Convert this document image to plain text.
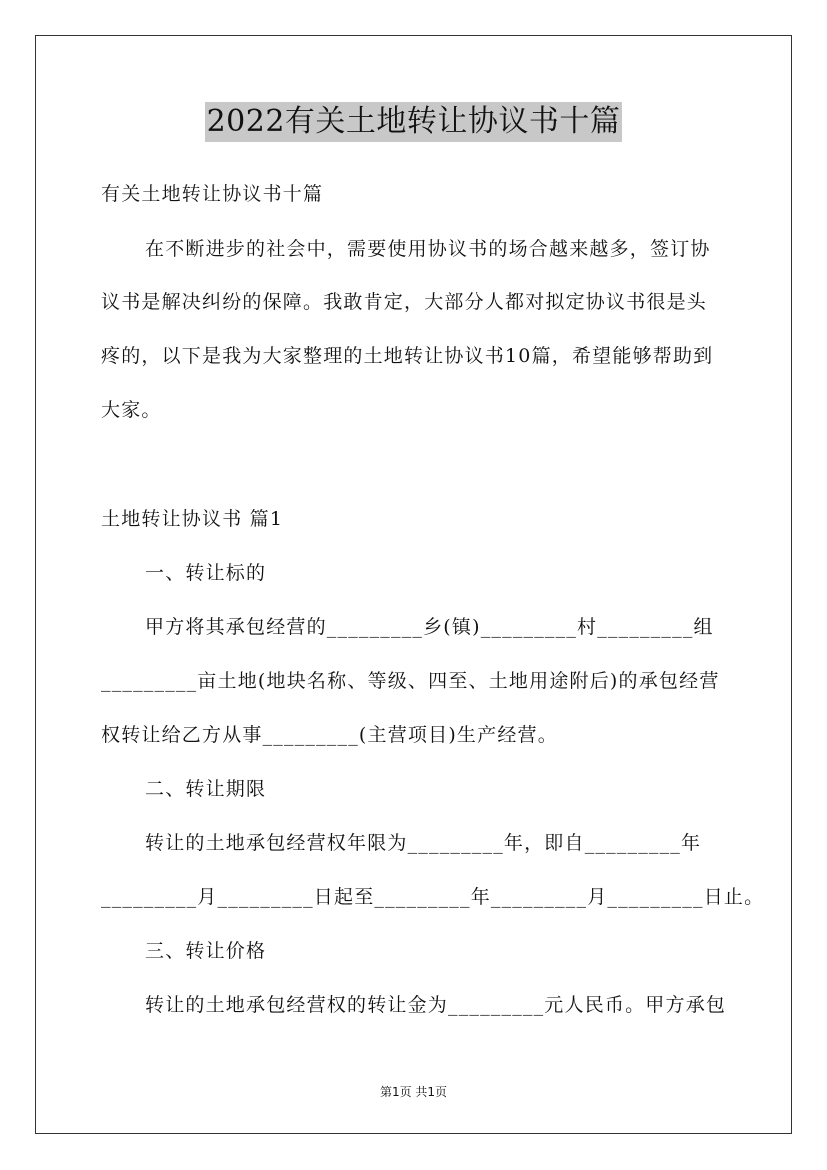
2022有关土地转让协议书十篇
有关土地转让协议书十篇
在不断进步的社会中，需要使用协议书的场合越来越多，签订协
议书是解决纠纷的保障。我敢肯定，大部分人都对拟定协议书很是头
疼的，以下是我为大家整理的土地转让协议书10篇，希望能够帮助到
大家。
土地转让协议书 篇1
一、转让标的
甲方将其承包经营的_________乡(镇)_________村_________组
_________亩土地(地块名称、等级、四至、土地用途附后)的承包经营
权转让给乙方从事_________(主营项目)生产经营。
二、转让期限
转让的土地承包经营权年限为_________年，即自_________年
_________月_________日起至_________年_________月_________日止。
三、转让价格
转让的土地承包经营权的转让金为_________元人民币。甲方承包
第1页 共1页
